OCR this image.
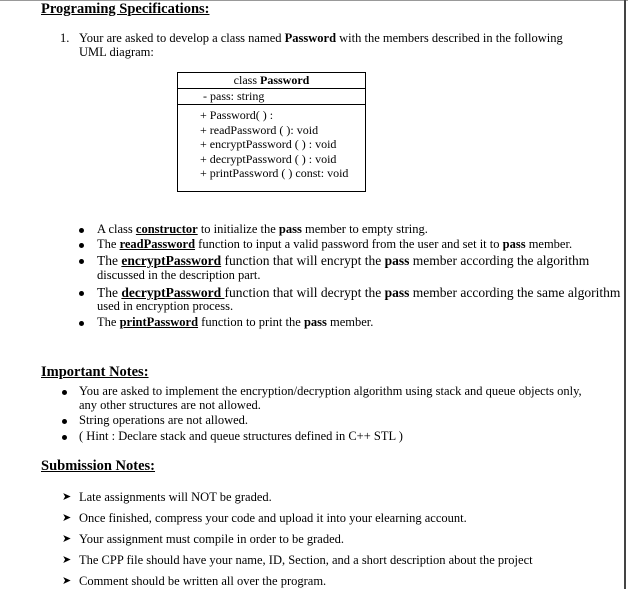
Programing Specifications:
1. Your are asked to develop a class named Password with the members described in the following
UML diagram:
class Password
- pass: string
+ Password( ) :
+ readPassword ( ): void
+ encryptPassword ( ) : void
+ decryptPassword ( ) : void
+ printPassword ( ) const: void
A class constructor to initialize the pass member to empty string.
The readPassword function to input a valid password from the user and set it to pass member.
The encryptPassword function that will encrypt the pass member according the algorithm
discussed in the description part.
The decryptPassword function that will decrypt the pass member according the same algorithm
used in encryption process.
The printPassword function to print the pass member.
Important Notes:
You are asked to implement the encryption/decryption algorithm using stack and queue objects only,
any other structures are not allowed.
String operations are not allowed.
( Hint : Declare stack and queue structures defined in C++ STL )
Submission Notes:
➤ Late assignments will NOT be graded.
➤ Once finished, compress your code and upload it into your elearning account.
➤ Your assignment must compile in order to be graded.
➤ The CPP file should have your name, ID, Section, and a short description about the project
➤ Comment should be written all over the program.
